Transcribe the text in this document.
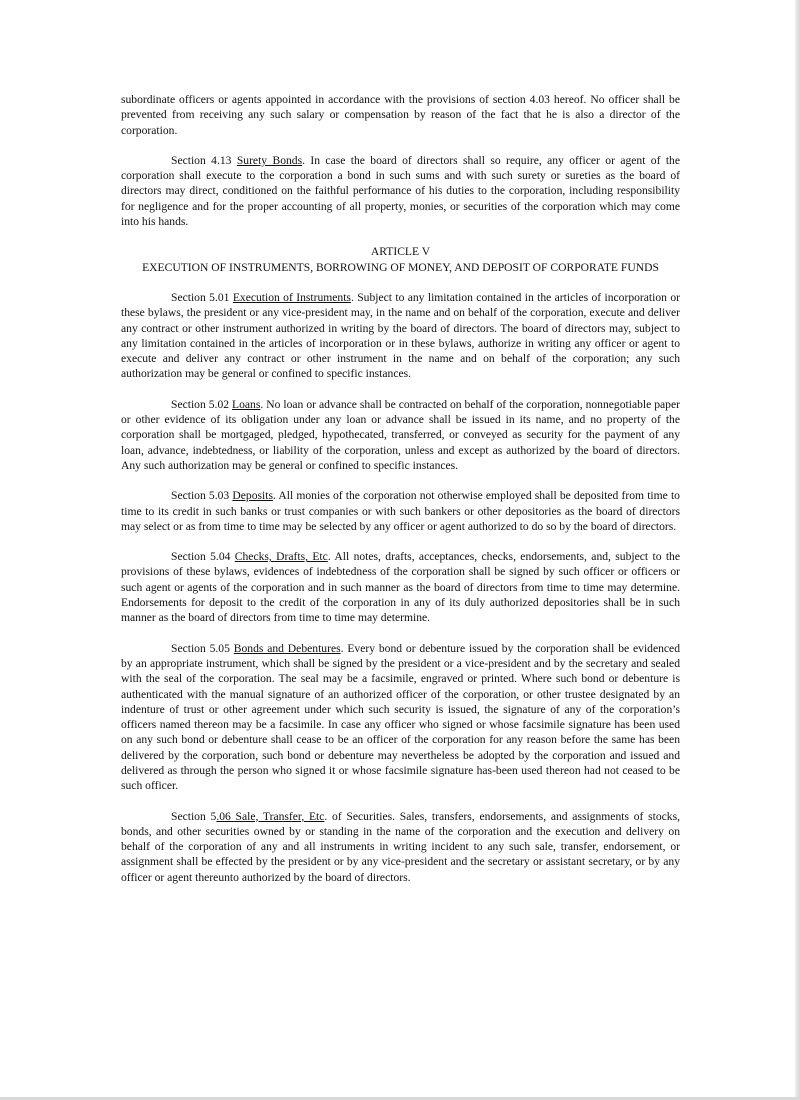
subordinate officers or agents appointed in accordance with the provisions of section 4.03 hereof. No officer shall be prevented from receiving any such salary or compensation by reason of the fact that he is also a director of the corporation.

Section 4.13 Surety Bonds. In case the board of directors shall so require, any officer or agent of the corporation shall execute to the corporation a bond in such sums and with such surety or sureties as the board of directors may direct, conditioned on the faithful performance of his duties to the corporation, including responsibility for negligence and for the proper accounting of all property, monies, or securities of the corporation which may come into his hands.

ARTICLE V
EXECUTION OF INSTRUMENTS, BORROWING OF MONEY, AND DEPOSIT OF CORPORATE FUNDS

Section 5.01 Execution of Instruments. Subject to any limitation contained in the articles of incorporation or these bylaws, the president or any vice-president may, in the name and on behalf of the corporation, execute and deliver any contract or other instrument authorized in writing by the board of directors. The board of directors may, subject to any limitation contained in the articles of incorporation or in these bylaws, authorize in writing any officer or agent to execute and deliver any contract or other instrument in the name and on behalf of the corporation; any such authorization may be general or confined to specific instances.

Section 5.02 Loans. No loan or advance shall be contracted on behalf of the corporation, nonnegotiable paper or other evidence of its obligation under any loan or advance shall be issued in its name, and no property of the corporation shall be mortgaged, pledged, hypothecated, transferred, or conveyed as security for the payment of any loan, advance, indebtedness, or liability of the corporation, unless and except as authorized by the board of directors. Any such authorization may be general or confined to specific instances.

Section 5.03 Deposits. All monies of the corporation not otherwise employed shall be deposited from time to time to its credit in such banks or trust companies or with such bankers or other depositories as the board of directors may select or as from time to time may be selected by any officer or agent authorized to do so by the board of directors.

Section 5.04 Checks, Drafts, Etc. All notes, drafts, acceptances, checks, endorsements, and, subject to the provisions of these bylaws, evidences of indebtedness of the corporation shall be signed by such officer or officers or such agent or agents of the corporation and in such manner as the board of directors from time to time may determine. Endorsements for deposit to the credit of the corporation in any of its duly authorized depositories shall be in such manner as the board of directors from time to time may determine.

Section 5.05 Bonds and Debentures. Every bond or debenture issued by the corporation shall be evidenced by an appropriate instrument, which shall be signed by the president or a vice-president and by the secretary and sealed with the seal of the corporation. The seal may be a facsimile, engraved or printed. Where such bond or debenture is authenticated with the manual signature of an authorized officer of the corporation, or other trustee designated by an indenture of trust or other agreement under which such security is issued, the signature of any of the corporation’s officers named thereon may be a facsimile. In case any officer who signed or whose facsimile signature has been used on any such bond or debenture shall cease to be an officer of the corporation for any reason before the same has been delivered by the corporation, such bond or debenture may nevertheless be adopted by the corporation and issued and delivered as through the person who signed it or whose facsimile signature has-been used thereon had not ceased to be such officer.

Section 5.06 Sale, Transfer, Etc. of Securities. Sales, transfers, endorsements, and assignments of stocks, bonds, and other securities owned by or standing in the name of the corporation and the execution and delivery on behalf of the corporation of any and all instruments in writing incident to any such sale, transfer, endorsement, or assignment shall be effected by the president or by any vice-president and the secretary or assistant secretary, or by any officer or agent thereunto authorized by the board of directors.
